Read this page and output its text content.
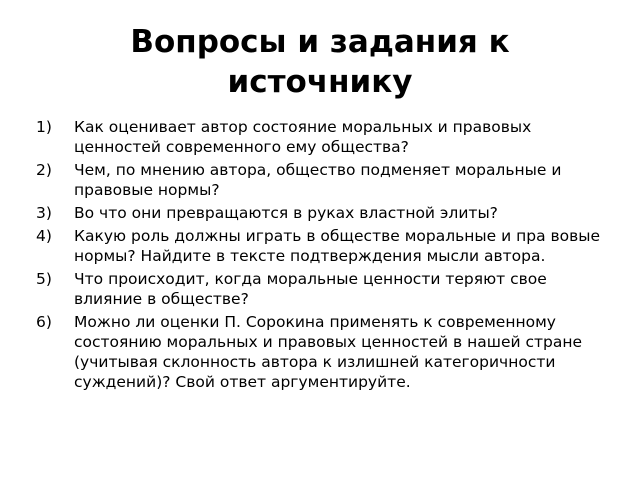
Вопросы и задания к источнику
1)	Как оценивает автор состояние моральных и правовых ценностей современного ему общества?
2)	Чем, по мнению автора, общество подменяет моральные и правовые нормы?
3)	Во что они превращаются в руках властной элиты?
4)	Какую роль должны играть в обществе моральные и пра вовые нормы? Найдите в тексте подтверждения мысли автора.
5)	Что происходит, когда моральные ценности теряют свое влияние в обществе?
6)	Можно ли оценки П. Сорокина применять к современному состоянию моральных и правовых ценностей в нашей стране (учитывая склонность автора к излишней категоричности суждений)? Свой ответ аргументируйте.
